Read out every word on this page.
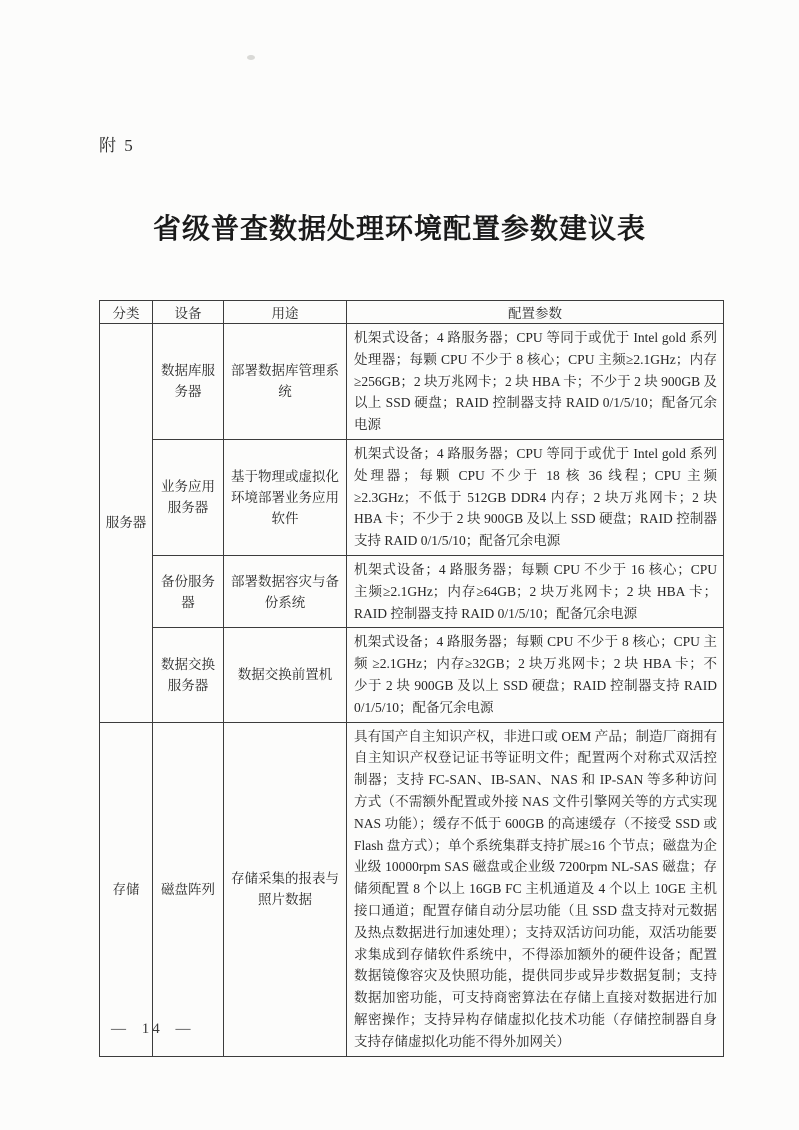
附 5
省级普查数据处理环境配置参数建议表
分类	设备	用途	配置参数
服务器	数据库服务器	部署数据库管理系统	机架式设备；4 路服务器；CPU 等同于或优于 Intel gold 系列处理器；每颗 CPU 不少于 8 核心；CPU 主频≥2.1GHz；内存≥256GB；2 块万兆网卡；2 块 HBA 卡；不少于 2 块 900GB 及以上 SSD 硬盘；RAID 控制器支持 RAID 0/1/5/10；配备冗余电源
	业务应用服务器	基于物理或虚拟化环境部署业务应用软件	机架式设备；4 路服务器；CPU 等同于或优于 Intel gold 系列处理器；每颗 CPU 不少于 18 核 36 线程；CPU 主频≥2.3GHz；不低于 512GB DDR4 内存；2 块万兆网卡；2 块 HBA 卡；不少于 2 块 900GB 及以上 SSD 硬盘；RAID 控制器支持 RAID 0/1/5/10；配备冗余电源
	备份服务器	部署数据容灾与备份系统	机架式设备；4 路服务器；每颗 CPU 不少于 16 核心；CPU 主频≥2.1GHz；内存≥64GB；2 块万兆网卡；2 块 HBA 卡；RAID 控制器支持 RAID 0/1/5/10；配备冗余电源
	数据交换服务器	数据交换前置机	机架式设备；4 路服务器；每颗 CPU 不少于 8 核心；CPU 主频 ≥2.1GHz；内存≥32GB；2 块万兆网卡；2 块 HBA 卡；不少于 2 块 900GB 及以上 SSD 硬盘；RAID 控制器支持 RAID 0/1/5/10；配备冗余电源
存储	磁盘阵列	存储采集的报表与照片数据	具有国产自主知识产权，非进口或 OEM 产品；制造厂商拥有自主知识产权登记证书等证明文件；配置两个对称式双活控制器；支持 FC-SAN、IB-SAN、NAS 和 IP-SAN 等多种访问方式（不需额外配置或外接 NAS 文件引擎网关等的方式实现 NAS 功能）；缓存不低于 600GB 的高速缓存（不接受 SSD 或 Flash 盘方式）；单个系统集群支持扩展≥16 个节点；磁盘为企业级 10000rpm SAS 磁盘或企业级 7200rpm NL-SAS 磁盘；存储须配置 8 个以上 16GB FC 主机通道及 4 个以上 10GE 主机接口通道；配置存储自动分层功能（且 SSD 盘支持对元数据及热点数据进行加速处理）；支持双活访问功能，双活功能要求集成到存储软件系统中，不得添加额外的硬件设备；配置数据镜像容灾及快照功能，提供同步或异步数据复制；支持数据加密功能，可支持商密算法在存储上直接对数据进行加解密操作；支持异构存储虚拟化技术功能（存储控制器自身支持存储虚拟化功能不得外加网关）
— 14 —
